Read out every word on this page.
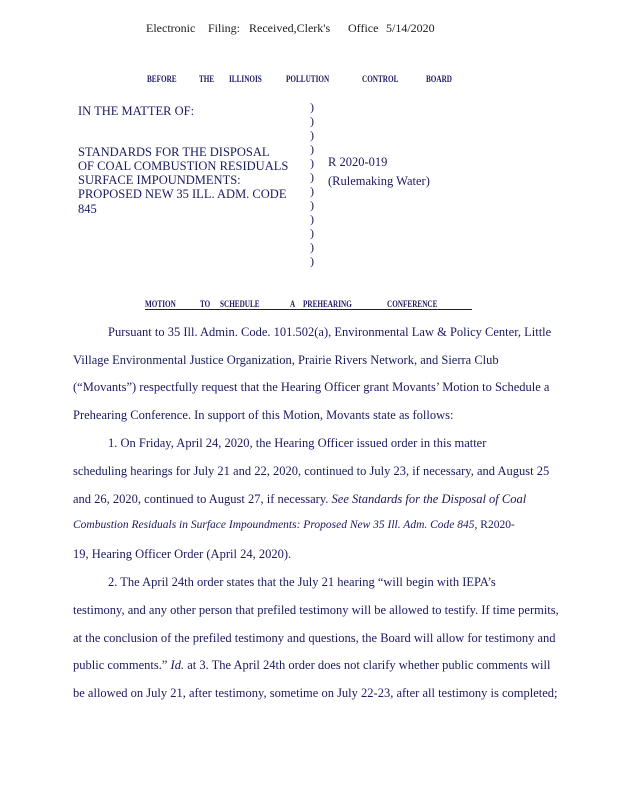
Electronic Filing: Received,Clerk's Office 5/14/2020
BEFORE THE ILLINOIS	POLLUTION	CONTROL	BOARD
IN THE MATTER OF:
STANDARDS FOR THE DISPOSAL
OF COAL COMBUSTION RESIDUALS
SURFACE IMPOUNDMENTS:
PROPOSED NEW 35 ILL. ADM. CODE
845
)
)
)
)
)
)
)
)
)
)
)
)
R 2020-019
(Rulemaking Water)
MOTION	TO SCHEDULE	A PREHEARING	CONFERENCE
Pursuant to 35 Ill. Admin. Code. 101.502(a), Environmental Law & Policy Center, Little
Village Environmental Justice Organization, Prairie Rivers Network, and Sierra Club
(“Movants”) respectfully request that the Hearing Officer grant Movants’ Motion to Schedule a
Prehearing Conference. In support of this Motion, Movants state as follows:
1. On Friday, April 24, 2020, the Hearing Officer issued order in this matter
scheduling hearings for July 21 and 22, 2020, continued to July 23, if necessary, and August 25
and 26, 2020, continued to August 27, if necessary. See Standards for the Disposal of Coal
Combustion Residuals in Surface Impoundments: Proposed New 35 Ill. Adm. Code 845, R2020-
19, Hearing Officer Order (April 24, 2020).
2. The April 24th order states that the July 21 hearing “will begin with IEPA’s
testimony, and any other person that prefiled testimony will be allowed to testify. If time permits,
at the conclusion of the prefiled testimony and questions, the Board will allow for testimony and
public comments.” Id. at 3. The April 24th order does not clarify whether public comments will
be allowed on July 21, after testimony, sometime on July 22-23, after all testimony is completed;
